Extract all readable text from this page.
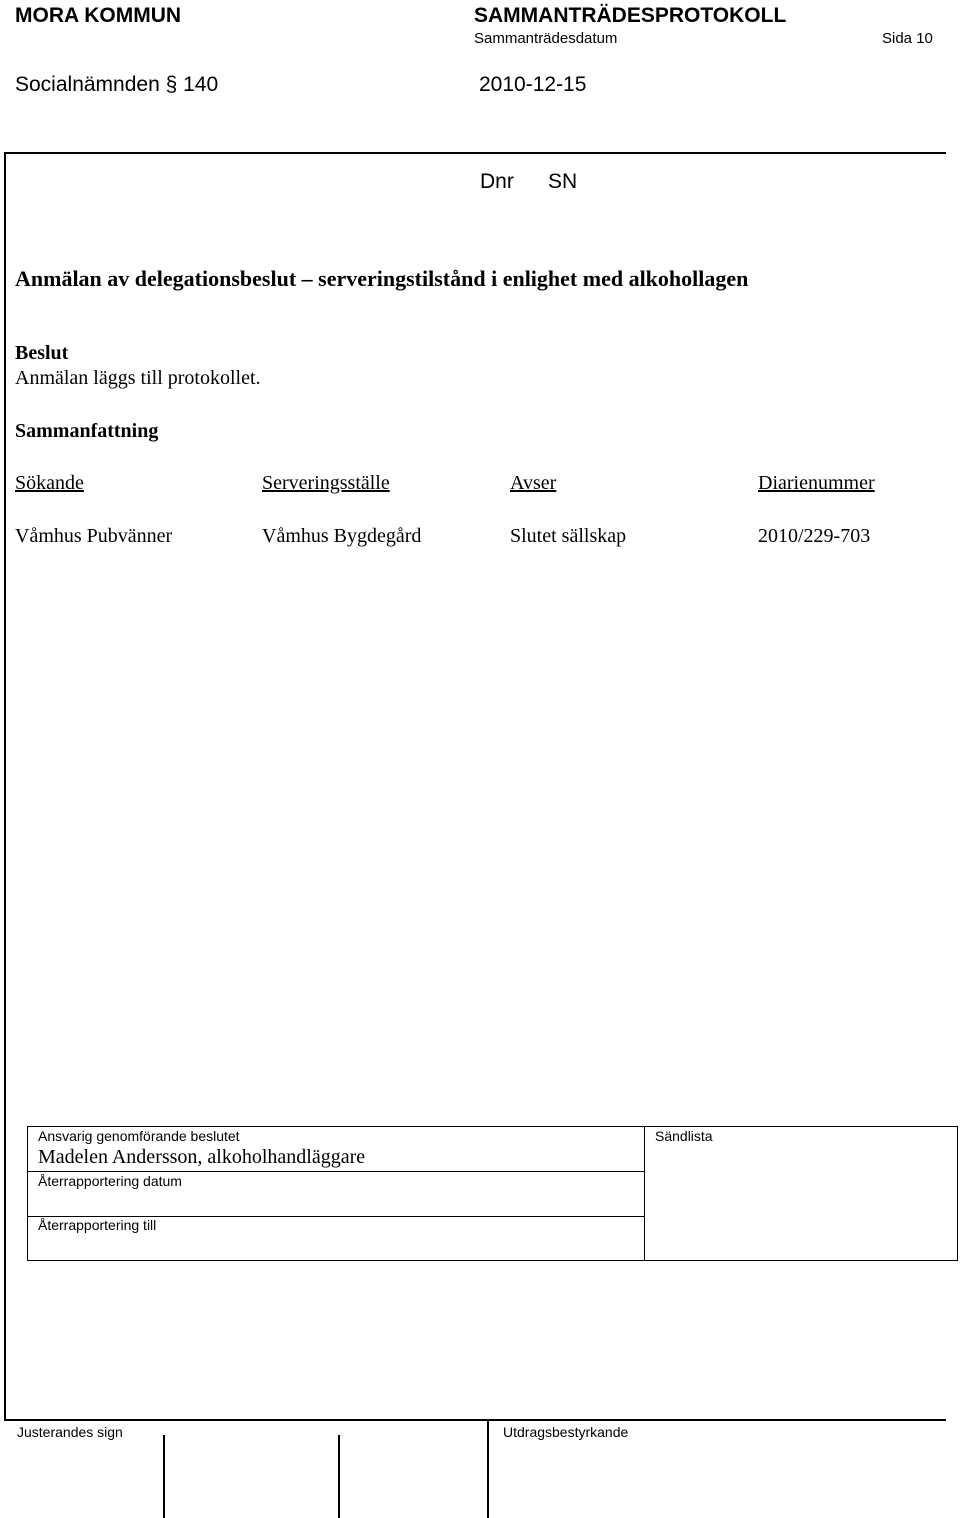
MORA KOMMUN	SAMMANTRÄDESPROTOKOLL
Sammanträdesdatum	Sida 10
Socialnämnden § 140	2010-12-15
Dnr SN
Anmälan av delegationsbeslut – serveringstilstånd i enlighet med alkohollagen
Beslut
Anmälan läggs till protokollet.
Sammanfattning
Sökande	Serveringsställe	Avser	Diarienummer
Våmhus Pubvänner	Våmhus Bygdegård	Slutet sällskap	2010/229-703
Ansvarig genomförande beslutet
Madelen Andersson, alkoholhandläggare
Återrapportering datum
Återrapportering till
Sändlista
Justerandes sign	Utdragsbestyrkande
